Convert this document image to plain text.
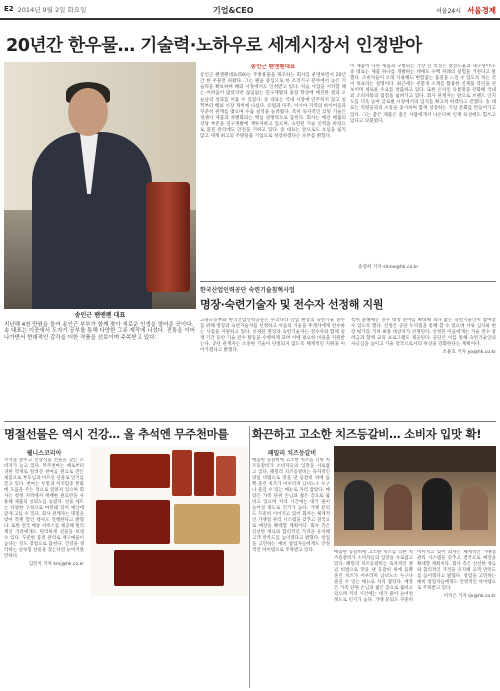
E2 2014년 9월 2일 화요일	기업&CEO	서울24시 서울경제
20년간 한우물… 기술력·노하우로 세계시장서 인정받아
송인근 팬앤펜 대표
지난해 4천 만원을 들여 송인근 부부가 함께 찾아 새로운 인생을 열어준 곳이다. 송 대표는 이곳에서 도자기 공부를 통해 다양한 그릇 제작에 나섰다. 전통을 이어 나가면서 현대적인 감각을 더한 작품을 선보이며 주목받고 있다.
송인근 팬앤팬대표
송인근 팬앤팬대표(59)는 주방용품을 제조하는 회사를 운영하면서 20년간 한 우물만 파왔다. 그는 팬을 중심으로 한 조리기구 분야에서 높은 기술력을 확보하며 해외 시장에서도 인정받고 있다. 처음 사업을 시작할 때는 어려움이 많았지만 끊임없는 연구개발과 품질 향상에 매진한 결과 오늘날의 성과를 이룰 수 있었다. 송 대표는 국내 시장에 안주하지 않고 일찍부터 해외 시장 개척에 나섰다. 유럽과 미주, 아시아 지역의 바이어들과 꾸준히 관계를 맺으며 수출 실적을 늘려왔다. 특히 독자적인 코팅 기술은 경쟁사 제품과 차별화되는 핵심 경쟁력으로 꼽힌다. 회사는 매년 매출의 상당 부분을 연구개발에 재투자하고 있으며, 숙련된 기술 인력을 바탕으로 품질 관리에도 만전을 기하고 있다. 송 대표는 앞으로도 초심을 잃지 않고 세계 최고의 주방용품 기업으로 성장하겠다는 포부를 밝혔다.
이 제품이 다른 제품과 구별되는 가장 큰 특징은 열전도율과 내구성이다. 송 대표는 제품 하나를 개발하는 데에도 수백 차례의 실험을 거친다고 말했다. 소비자들이 오래 사용해도 변함없는 품질을 느낄 수 있도록 하는 것이 목표라는 설명이다. 최근에는 친환경 소재를 활용한 신제품 라인을 선보이며 새로운 수요를 창출하고 있다. 또한 온라인 유통망을 강화해 국내외 소비자와의 접점을 넓혀가고 있다. 회사 관계자는 앞으로 브랜드 인지도를 더욱 높여 글로벌 시장에서의 입지를 확고히 하겠다고 전했다. 송 대표는 직원들과의 소통을 중시하며 함께 성장하는 기업 문화를 만들어가고 있다. 그는 좋은 제품은 좋은 사람에게서 나온다며 인재 육성에도 힘쓰고 있다고 덧붙였다.
송영희 기자 shine@hk.co.kr
한국산업인력공단 숙련기술침혁사업
명장·숙련기술자 및 전수자 선정해 지원
고용노동부와 한국산업인력공단은 우리나라 산업 현장의 숙련기술 전수를 위해 명장과 숙련기술자를 선정하고 이들의 기술을 후계자에게 전수하는 사업을 지원하고 있다. 선정된 명장과 숙련기술자는 전수자와 함께 일정 기간 동안 기술 전수 활동을 수행하게 되며 이에 필요한 비용을 지원받는다. 공단 관계자는 소중한 기술이 단절되지 않도록 체계적인 지원을 이어가겠다고 밝혔다.
특히 올해에는 전수 대상 분야를 확대해 보다 많은 숙련기술인이 참여할 수 있도록 했다. 신청은 공단 누리집을 통해 할 수 있으며 서류 심사와 현장 평가를 거쳐 최종 대상자가 선정된다. 선정된 이들에게는 기술 전수 장려금과 함께 교육 프로그램도 제공된다. 공단은 이를 통해 숙련기술인의 자긍심을 높이고 기술 강국으로서의 위상을 강화한다는 계획이다.
조용호 기자 yo@hk.co.kr
명절선물은 역시 건강… 올 추석엔 무주천마를
웰니스코리아
추석을 앞두고 건강식품 선물을 찾는 소비자가 늘고 있다. 무주천마는 예로부터 귀한 약재로 알려진 천마를 원료로 만든 제품으로 부모님과 어르신 선물로 인기를 끌고 있다. 천마는 두통과 어지럼증 완화에 도움을 주는 것으로 알려져 있으며 회사는 청정 지역에서 재배한 원료만을 사용해 제품의 신뢰도를 높였다. 선물 세트는 다양한 구성으로 마련돼 있어 예산에 맞게 고를 수 있다. 회사 관계자는 명절을 맞아 특별 할인 행사도 진행한다고 밝혔다. 또한 전국 배송 서비스를 제공해 멀리 계신 가족에게도 편리하게 선물을 보낼 수 있다. 꾸준한 품질 관리로 재구매율이 높다는 것도 장점으로 꼽힌다. 건강을 생각하는 실속형 선물을 찾는다면 눈여겨볼 만하다.
김민지 기자 kmj@hk.co.kr
화끈하고 고소한 치즈등갈비… 소비자 입맛 확!
패밀리 치즈등갈비
매콤한 등갈비에 고소한 치즈를 더한 치즈등갈비가 소비자들의 입맛을 사로잡고 있다. 패밀리 치즈등갈비는 독자적인 양념 비법으로 맛을 낸 등갈비 위에 듬뿍 올린 치즈가 어우러져 남녀노소 누구나 즐길 수 있는 메뉴로 자리 잡았다. 매장은 가족 단위 손님과 젊은 층으로 붐비고 있으며 저녁 시간에는 대기 줄이 늘어설 정도로 인기가 높다. 가맹 문의도 꾸준히 이어지고 있어 회사는 체계적인 가맹점 관리 시스템을 갖추고 전국으로 매장을 확대할 계획이다. 회사 측은 신선한 재료와 합리적인 가격을 유지해 고객 만족도를 높이겠다고 밝혔다. 창업을 고민하는 예비 창업자들에게도 안정적인 아이템으로 주목받고 있다.	매콤한 등갈비에 고소한 치즈를 더한 치즈등갈비가 소비자들의 입맛을 사로잡고 있다. 패밀리 치즈등갈비는 독자적인 양념 비법으로 맛을 낸 등갈비 위에 듬뿍 올린 치즈가 어우러져 남녀노소 누구나 즐길 수 있는 메뉴로 자리 잡았다. 매장은 가족 단위 손님과 젊은 층으로 붐비고 있으며 저녁 시간에는 대기 줄이 늘어설 정도로 인기가 높다. 가맹 문의도 꾸준히 이어지고 있어 회사는 체계적인 가맹점 관리 시스템을 갖추고 전국으로 매장을 확대할 계획이다. 회사 측은 신선한 재료와 합리적인 가격을 유지해 고객 만족도를 높이겠다고 밝혔다. 창업을 고민하는 예비 창업자들에게도 안정적인 아이템으로 주목받고 있다.
이지은 기자 lje@hk.co.kr
